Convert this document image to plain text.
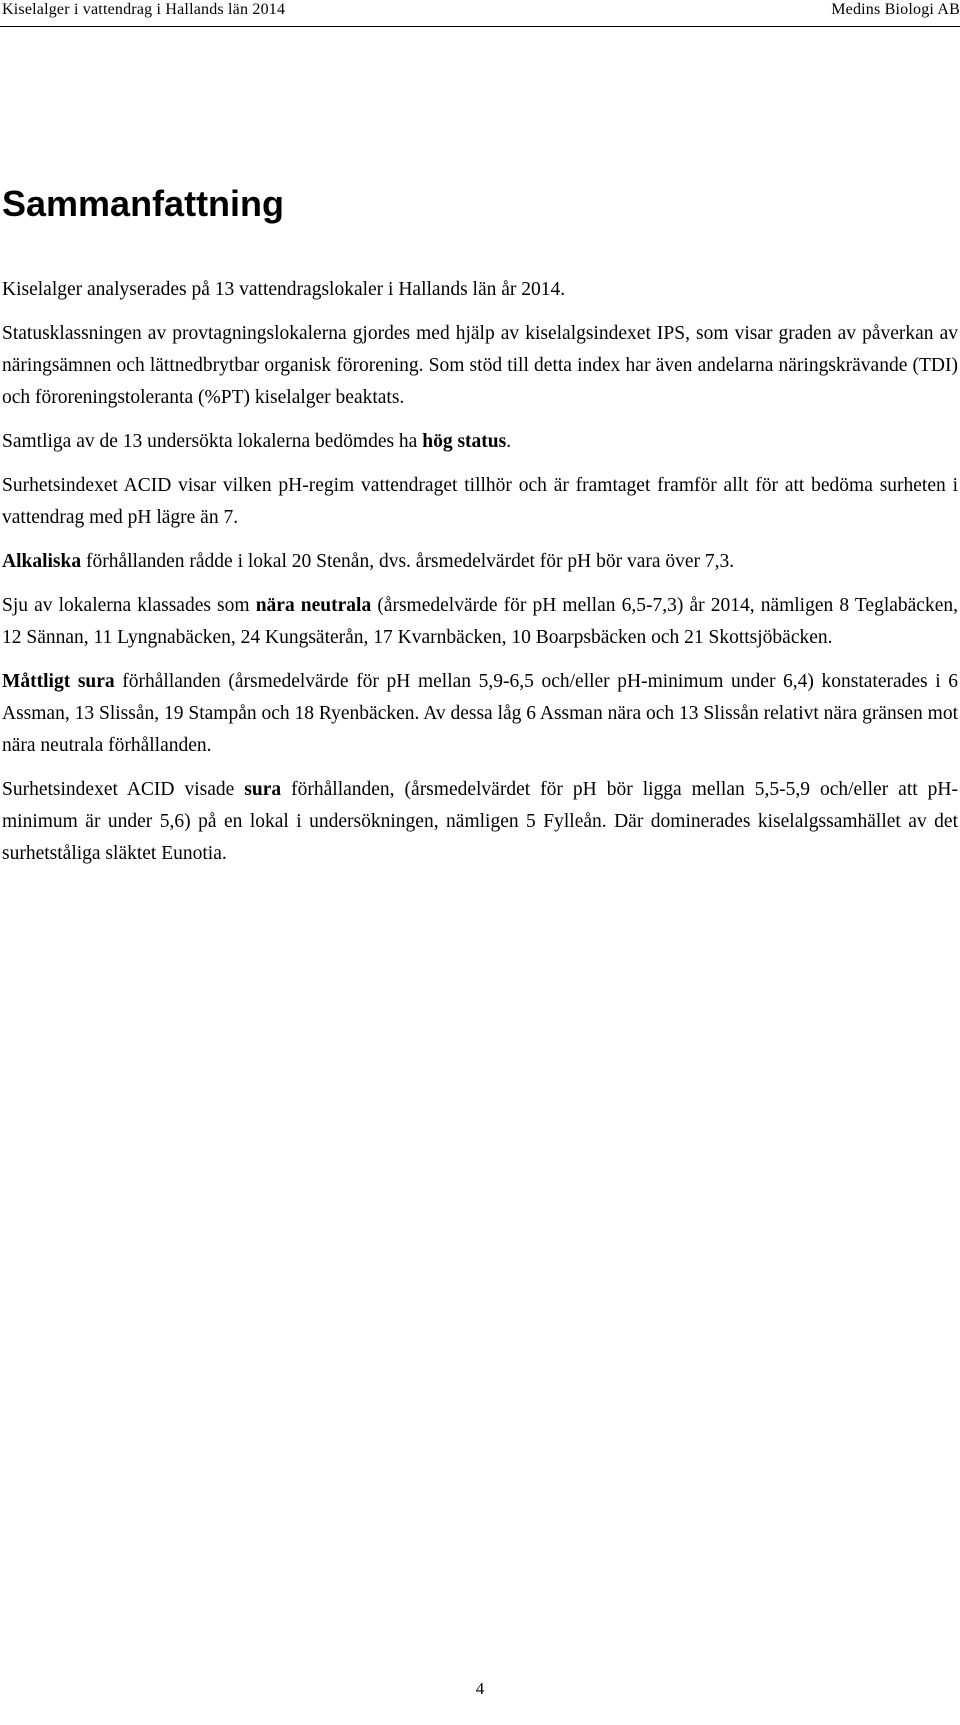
Kiselalger i vattendrag i Hallands län 2014	Medins Biologi AB
Sammanfattning

Kiselalger analyserades på 13 vattendragslokaler i Hallands län år 2014.

Statusklassningen av provtagningslokalerna gjordes med hjälp av kiselalgsindexet IPS, som visar graden av påverkan av näringsämnen och lättnedbrytbar organisk förorening. Som stöd till detta index har även andelarna näringskrävande (TDI) och föroreningstoleranta (%PT) kiselalger beaktats.

Samtliga av de 13 undersökta lokalerna bedömdes ha hög status.

Surhetsindexet ACID visar vilken pH-regim vattendraget tillhör och är framtaget framför allt för att bedöma surheten i vattendrag med pH lägre än 7.

Alkaliska förhållanden rådde i lokal 20 Stenån, dvs. årsmedelvärdet för pH bör vara över 7,3.

Sju av lokalerna klassades som nära neutrala (årsmedelvärde för pH mellan 6,5-7,3) år 2014, nämligen 8 Teglabäcken, 12 Sännan, 11 Lyngnabäcken, 24 Kungsäterån, 17 Kvarnbäcken, 10 Boarpsbäcken och 21 Skottsjöbäcken.

Måttligt sura förhållanden (årsmedelvärde för pH mellan 5,9-6,5 och/eller pH-minimum under 6,4) konstaterades i 6 Assman, 13 Slissån, 19 Stampån och 18 Ryenbäcken. Av dessa låg 6 Assman nära och 13 Slissån relativt nära gränsen mot nära neutrala förhållanden.

Surhetsindexet ACID visade sura förhållanden, (årsmedelvärdet för pH bör ligga mellan 5,5-5,9 och/eller att pH-minimum är under 5,6) på en lokal i undersökningen, nämligen 5 Fylleån. Där dominerades kiselalgssamhället av det surhetståliga släktet Eunotia.

4
